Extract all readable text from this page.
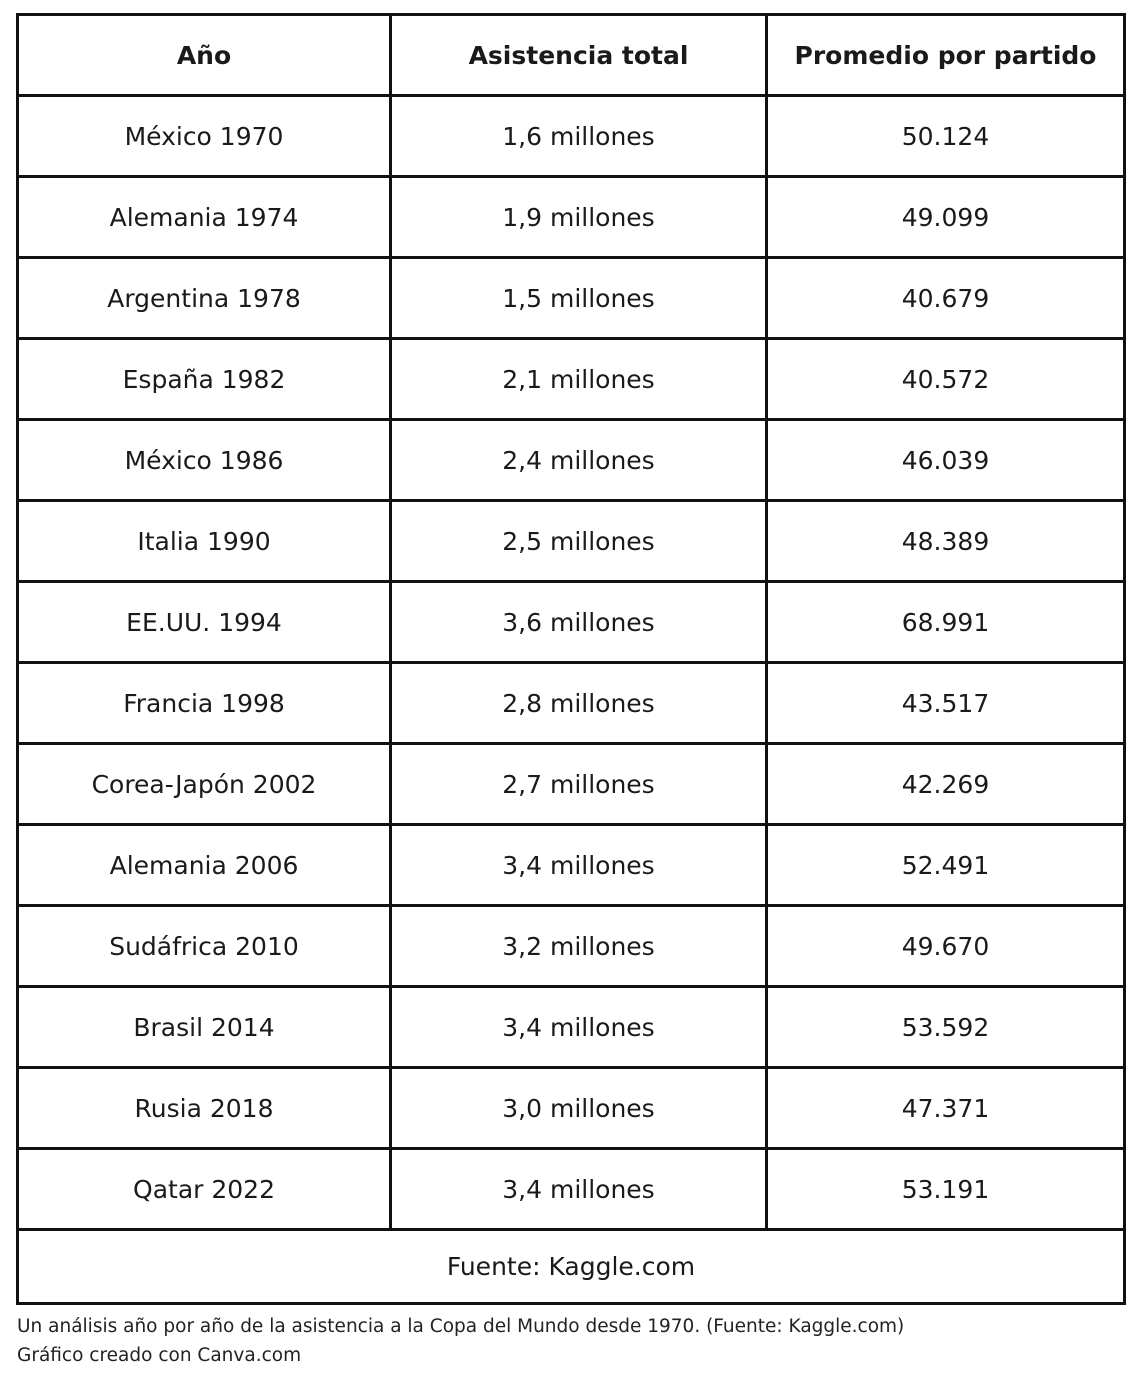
Año	Asistencia total	Promedio por partido
México 1970	1,6 millones	50.124
Alemania 1974	1,9 millones	49.099
Argentina 1978	1,5 millones	40.679
España 1982	2,1 millones	40.572
México 1986	2,4 millones	46.039
Italia 1990	2,5 millones	48.389
EE.UU. 1994	3,6 millones	68.991
Francia 1998	2,8 millones	43.517
Corea-Japón 2002	2,7 millones	42.269
Alemania 2006	3,4 millones	52.491
Sudáfrica 2010	3,2 millones	49.670
Brasil 2014	3,4 millones	53.592
Rusia 2018	3,0 millones	47.371
Qatar 2022	3,4 millones	53.191
Fuente: Kaggle.com		
Un análisis año por año de la asistencia a la Copa del Mundo desde 1970. (Fuente: Kaggle.com)
Gráfico creado con Canva.com
